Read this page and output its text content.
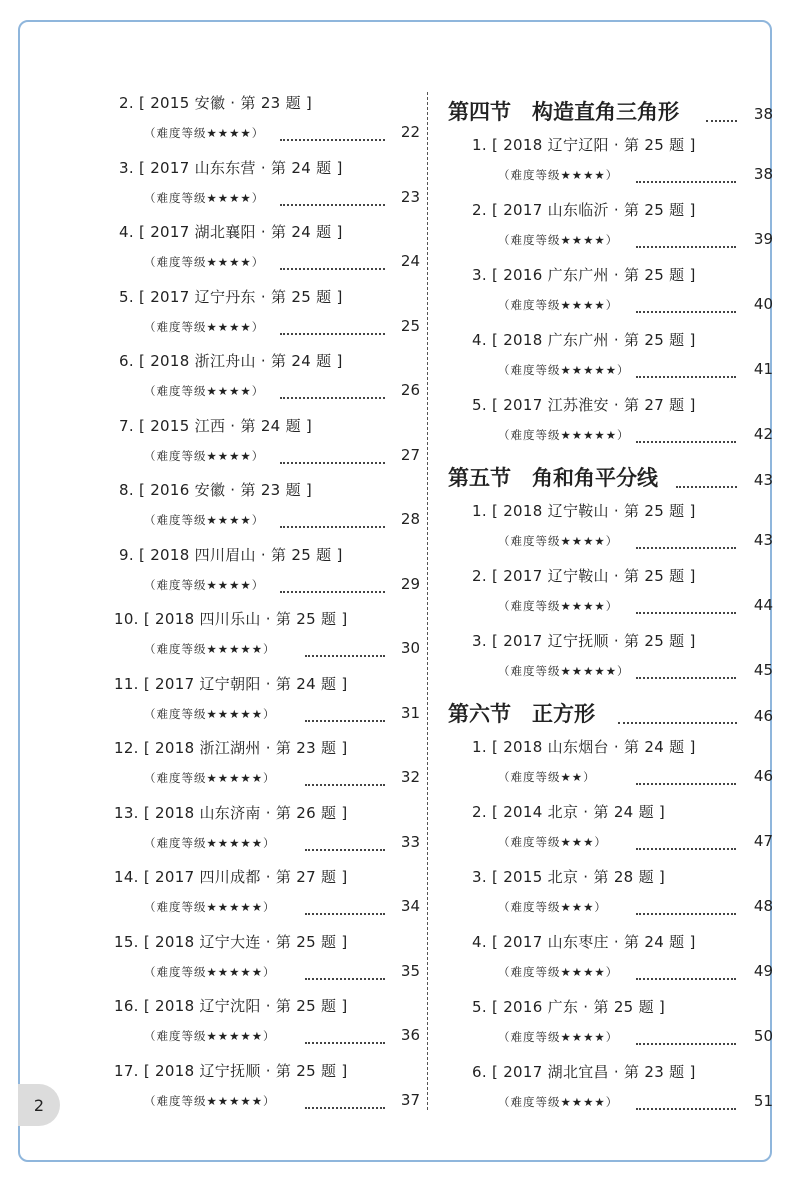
2. [ 2015 安徽 · 第 23 题 ]
（难度等级★★★★）	22
3. [ 2017 山东东营 · 第 24 题 ]
（难度等级★★★★）	23
4. [ 2017 湖北襄阳 · 第 24 题 ]
（难度等级★★★★）	24
5. [ 2017 辽宁丹东 · 第 25 题 ]
（难度等级★★★★）	25
6. [ 2018 浙江舟山 · 第 24 题 ]
（难度等级★★★★）	26
7. [ 2015 江西 · 第 24 题 ]
（难度等级★★★★）	27
8. [ 2016 安徽 · 第 23 题 ]
（难度等级★★★★）	28
9. [ 2018 四川眉山 · 第 25 题 ]
（难度等级★★★★）	29
10. [ 2018 四川乐山 · 第 25 题 ]
（难度等级★★★★★）	30
11. [ 2017 辽宁朝阳 · 第 24 题 ]
（难度等级★★★★★）	31
12. [ 2018 浙江湖州 · 第 23 题 ]
（难度等级★★★★★）	32
13. [ 2018 山东济南 · 第 26 题 ]
（难度等级★★★★★）	33
14. [ 2017 四川成都 · 第 27 题 ]
（难度等级★★★★★）	34
15. [ 2018 辽宁大连 · 第 25 题 ]
（难度等级★★★★★）	35
16. [ 2018 辽宁沈阳 · 第 25 题 ]
（难度等级★★★★★）	36
17. [ 2018 辽宁抚顺 · 第 25 题 ]
（难度等级★★★★★）	37
第四节　构造直角三角形	38
1. [ 2018 辽宁辽阳 · 第 25 题 ]
（难度等级★★★★）	38
2. [ 2017 山东临沂 · 第 25 题 ]
（难度等级★★★★）	39
3. [ 2016 广东广州 · 第 25 题 ]
（难度等级★★★★）	40
4. [ 2018 广东广州 · 第 25 题 ]
（难度等级★★★★★）	41
5. [ 2017 江苏淮安 · 第 27 题 ]
（难度等级★★★★★）	42
第五节　角和角平分线	43
1. [ 2018 辽宁鞍山 · 第 25 题 ]
（难度等级★★★★）	43
2. [ 2017 辽宁鞍山 · 第 25 题 ]
（难度等级★★★★）	44
3. [ 2017 辽宁抚顺 · 第 25 题 ]
（难度等级★★★★★）	45
第六节　正方形	46
1. [ 2018 山东烟台 · 第 24 题 ]
（难度等级★★）	46
2. [ 2014 北京 · 第 24 题 ]
（难度等级★★★）	47
3. [ 2015 北京 · 第 28 题 ]
（难度等级★★★）	48
4. [ 2017 山东枣庄 · 第 24 题 ]
（难度等级★★★★）	49
5. [ 2016 广东 · 第 25 题 ]
（难度等级★★★★）	50
6. [ 2017 湖北宜昌 · 第 23 题 ]
（难度等级★★★★）	51
2
